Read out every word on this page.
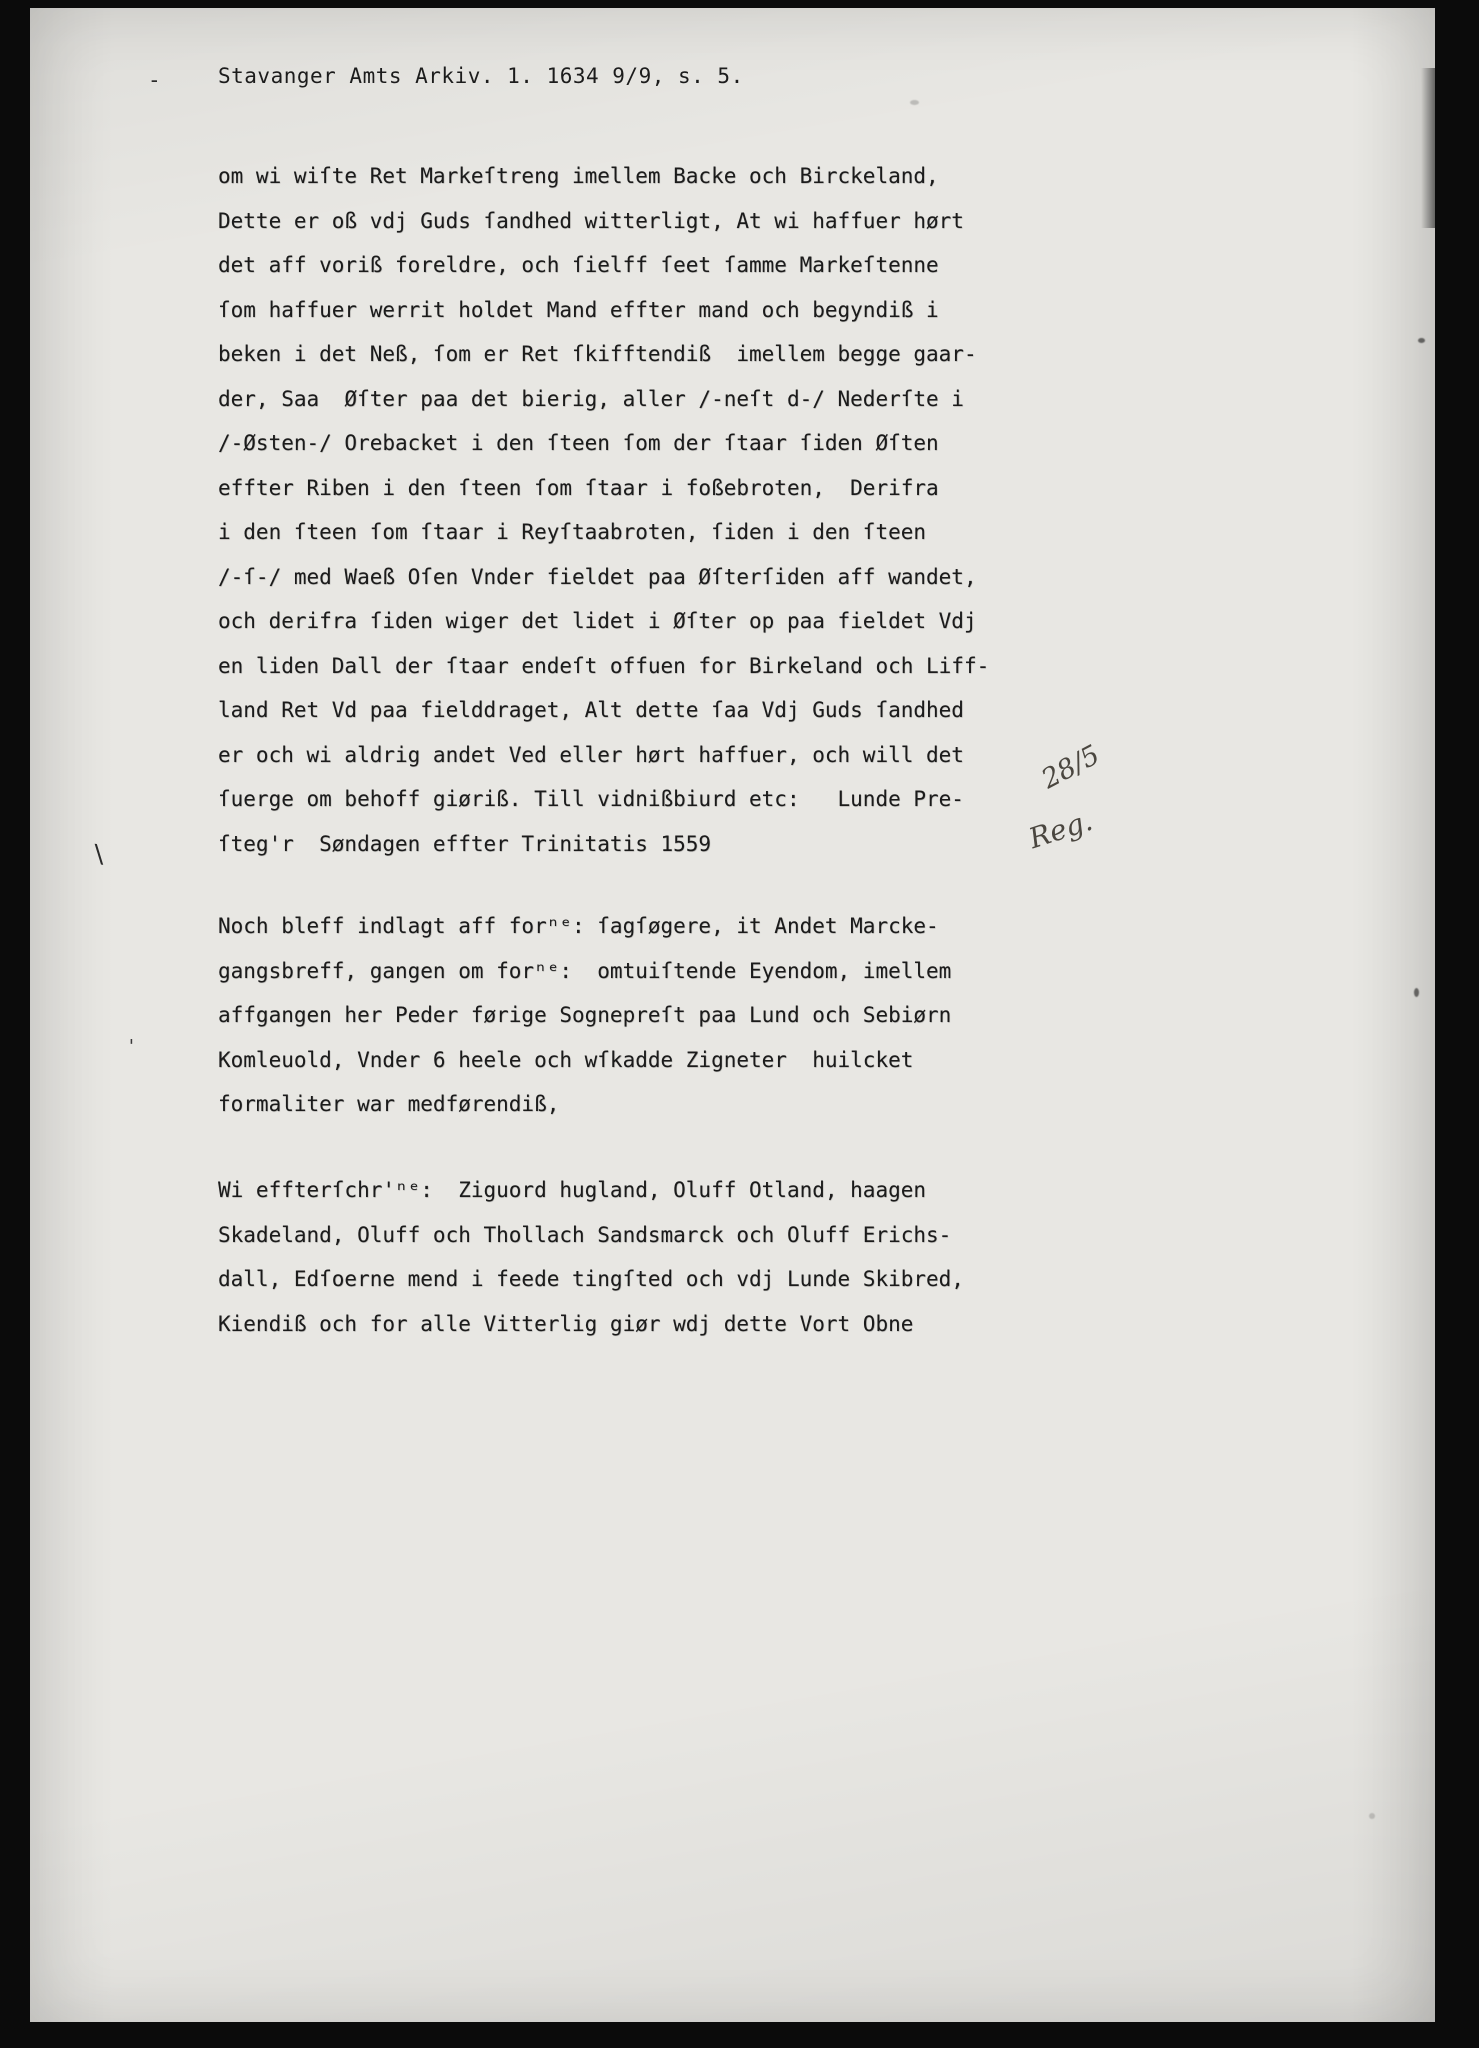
-	Stavanger Amts Arkiv. 1. 1634 9/9, s. 5.
om wi wiſte Ret Markeſtreng imellem Backe och Birckeland,
Dette er oß vdj Guds ſandhed witterligt, At wi haffuer hørt
det aff voriß foreldre, och ſielff ſeet ſamme Markeſtenne
ſom haffuer werrit holdet Mand effter mand och begyndiß i
beken i det Neß, ſom er Ret ſkifftendiß  imellem begge gaar-
der, Saa  Øſter paa det bierig, aller /-neſt d-/ Nederſte i
/-Østen-/ Orebacket i den ſteen ſom der ſtaar ſiden Øſten
effter Riben i den ſteen ſom ſtaar i foßebroten,  Derifra
i den ſteen ſom ſtaar i Reyſtaabroten, ſiden i den ſteen
/-ſ-/ med Waeß Oſen Vnder fieldet paa Øſterſiden aff wandet,
och derifra ſiden wiger det lidet i Øſter op paa fieldet Vdj
en liden Dall der ſtaar endeſt offuen for Birkeland och Liff-
land Ret Vd paa fielddraget, Alt dette ſaa Vdj Guds ſandhed
er och wi aldrig andet Ved eller hørt haffuer, och will det
ſuerge om behoff giøriß. Till vidnißbiurd etc:   Lunde Pre-
ſteg'r  Søndagen effter Trinitatis 1559
\
28/5
Reg.
Noch bleff indlagt aff forⁿᵉ: ſagſøgere, it Andet Marcke-
gangsbreff, gangen om forⁿᵉ:  omtuiſtende Eyendom, imellem
affgangen her Peder førige Sognepreſt paa Lund och Sebiørn
Komleuold, Vnder 6 heele och wſkadde Zigneter  huilcket
formaliter war medførendiß,
'
Wi effterſchr'ⁿᵉ:  Ziguord hugland, Oluff Otland, haagen
Skadeland, Oluff och Thollach Sandsmarck och Oluff Erichs-
dall, Edſoerne mend i feede tingſted och vdj Lunde Skibred,
Kiendiß och for alle Vitterlig giør wdj dette Vort Obne
